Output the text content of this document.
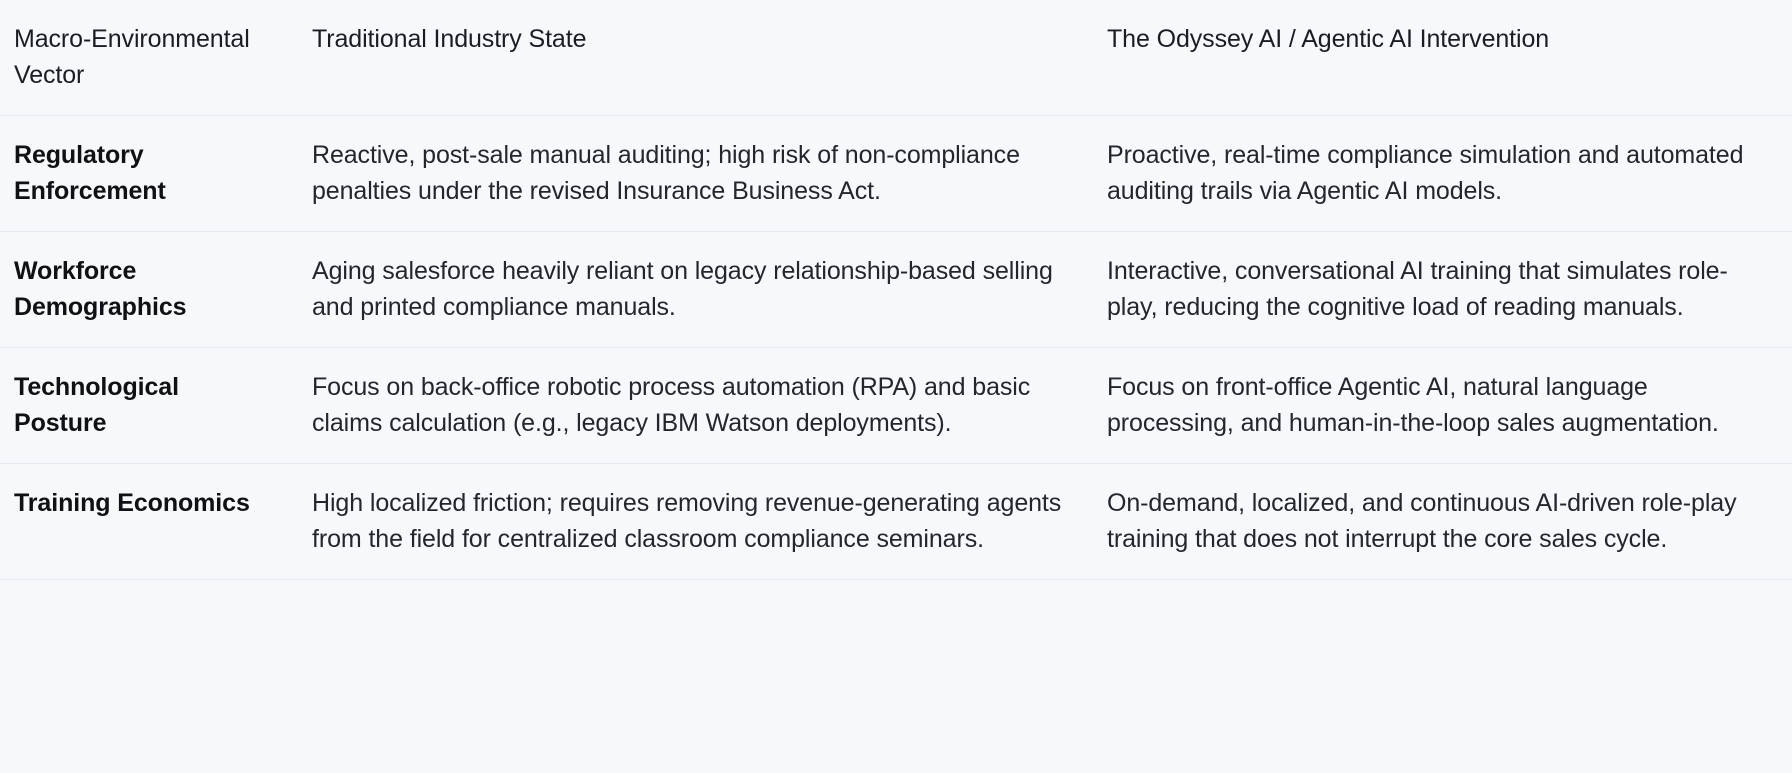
Macro-Environmental Vector	Traditional Industry State	The Odyssey AI / Agentic AI Intervention
Regulatory Enforcement	Reactive, post-sale manual auditing; high risk of non-compliance penalties under the revised Insurance Business Act.	Proactive, real-time compliance simulation and automated auditing trails via Agentic AI models.
Workforce Demographics	Aging salesforce heavily reliant on legacy relationship-based selling and printed compliance manuals.	Interactive, conversational AI training that simulates role-play, reducing the cognitive load of reading manuals.
Technological Posture	Focus on back-office robotic process automation (RPA) and basic claims calculation (e.g., legacy IBM Watson deployments).	Focus on front-office Agentic AI, natural language processing, and human-in-the-loop sales augmentation.
Training Economics	High localized friction; requires removing revenue-generating agents from the field for centralized classroom compliance seminars.	On-demand, localized, and continuous AI-driven role-play training that does not interrupt the core sales cycle.
